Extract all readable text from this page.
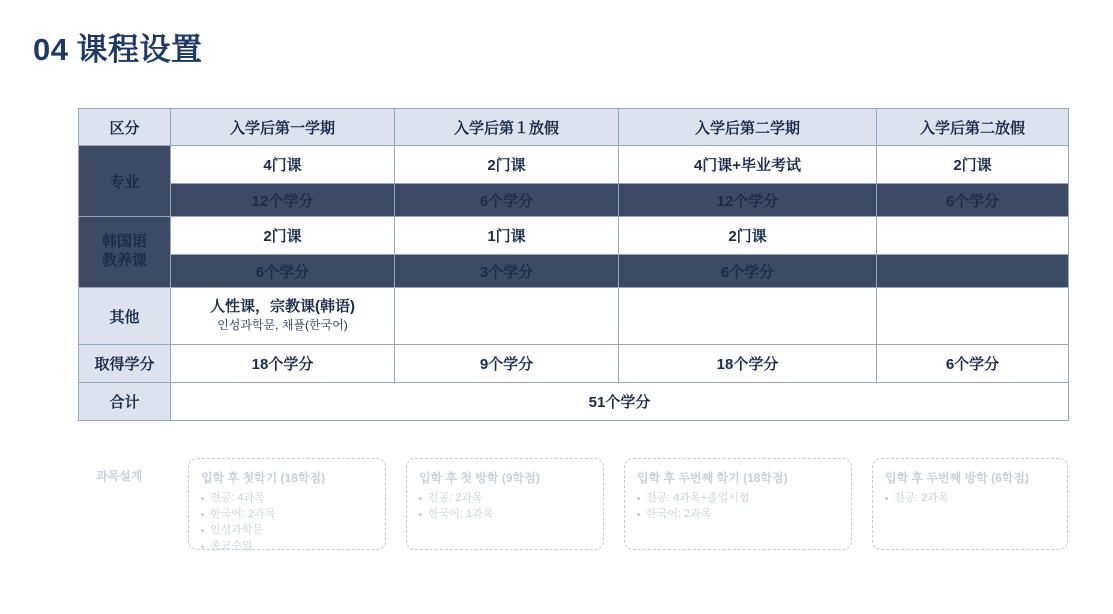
04 课程设置
区分	入学后第一学期	入学后第１放假	入学后第二学期	入学后第二放假
专业	4门课	2门课	4门课+毕业考试	2门课
	12个学分	6个学分	12个学分	6个学分
韩国语
教养课	2门课	1门课	2门课	
	6个学分	3个学分	6个学分	
其他	人性课，宗教课(韩语)
인성과학문, 채플(한국어)			

取得学分	18个学分	9个学分	18个学分	6个学分
合计	51个学分			
과목설계	입학 후 첫학기 (18학점)
전공: 4과목
한국어: 2과목
인성과학문
종교수업
입학 후 첫 방학 (9학점)
전공: 2과목
한국어: 1과목
입학 후 두번째 학기 (18학점)
전공: 4과목+졸업시험
한국어: 2과목
입학 후 두번째 방학 (6학점)
전공: 2과목
